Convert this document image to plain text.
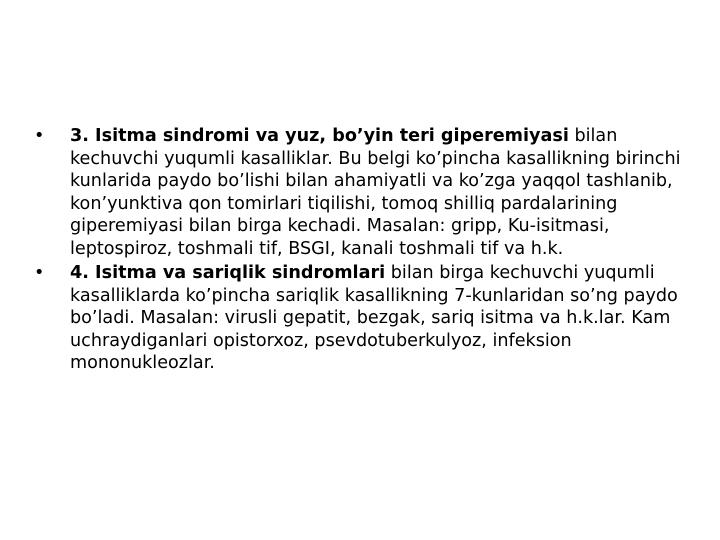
•	3. Isitma sindromi va yuz, bo’yin teri giperemiyasi bilan kechuvchi yuqumli kasalliklar. Bu belgi ko’pincha kasallikning birinchi kunlarida paydo bo’lishi bilan ahamiyatli va ko’zga yaqqol tashlanib, kon’yunktiva qon tomirlari tiqilishi, tomoq shilliq pardalarining giperemiyasi bilan birga kechadi. Masalan: gripp, Ku-isitmasi, leptospiroz, toshmali tif, BSGI, kanali toshmali tif va h.k.
•	4. Isitma va sariqlik sindromlari bilan birga kechuvchi yuqumli kasalliklarda ko’pincha sariqlik kasallikning 7-kunlaridan so’ng paydo bo’ladi. Masalan: virusli gepatit, bezgak, sariq isitma va h.k.lar. Kam uchraydiganlari opistorxoz, psevdotuberkulyoz, infeksion mononukleozlar.
